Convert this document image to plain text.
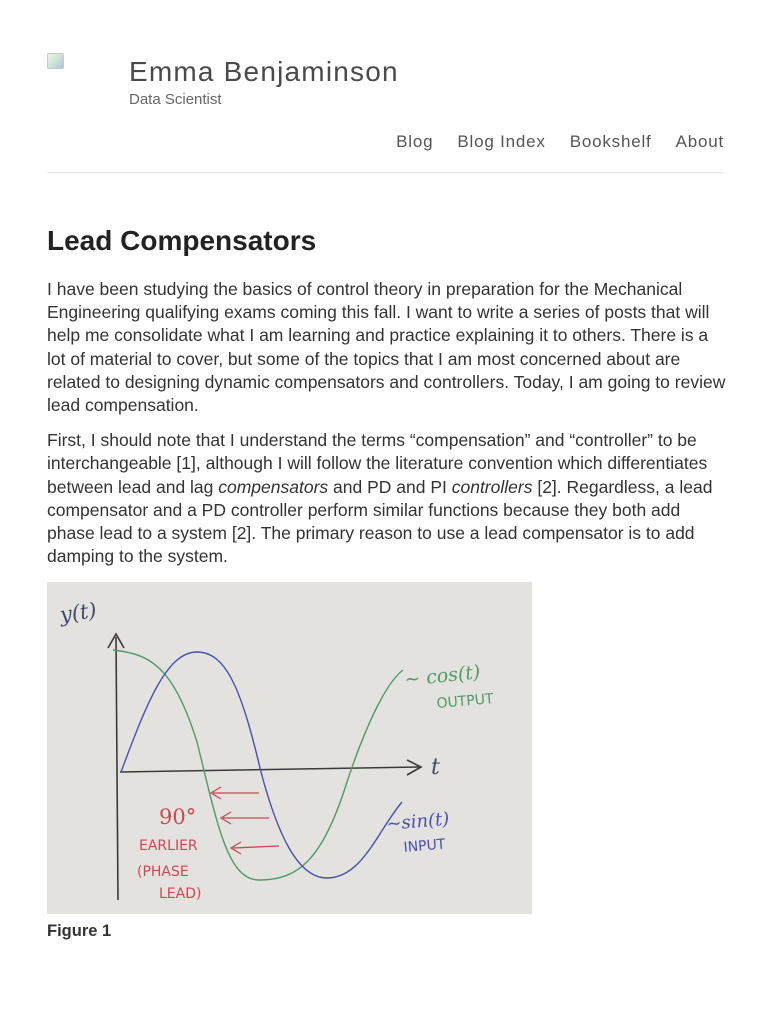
Emma Benjaminson
Data Scientist
Blog Blog Index Bookshelf About
Lead Compensators

I have been studying the basics of control theory in preparation for the Mechanical Engineering qualifying exams coming this fall. I want to write a series of posts that will help me consolidate what I am learning and practice explaining it to others. There is a lot of material to cover, but some of the topics that I am most concerned about are related to designing dynamic compensators and controllers. Today, I am going to review lead compensation.

First, I should note that I understand the terms “compensation” and “controller” to be interchangeable [1], although I will follow the literature convention which differentiates between lead and lag compensators and PD and PI controllers [2]. Regardless, a lead compensator and a PD controller perform similar functions because they both add phase lead to a system [2]. The primary reason to use a lead compensator is to add damping to the system.

y(t)
t
~ cos(t)
OUTPUT
~sin(t)
INPUT
90°
EARLIER
(PHASE
LEAD)
Figure 1
